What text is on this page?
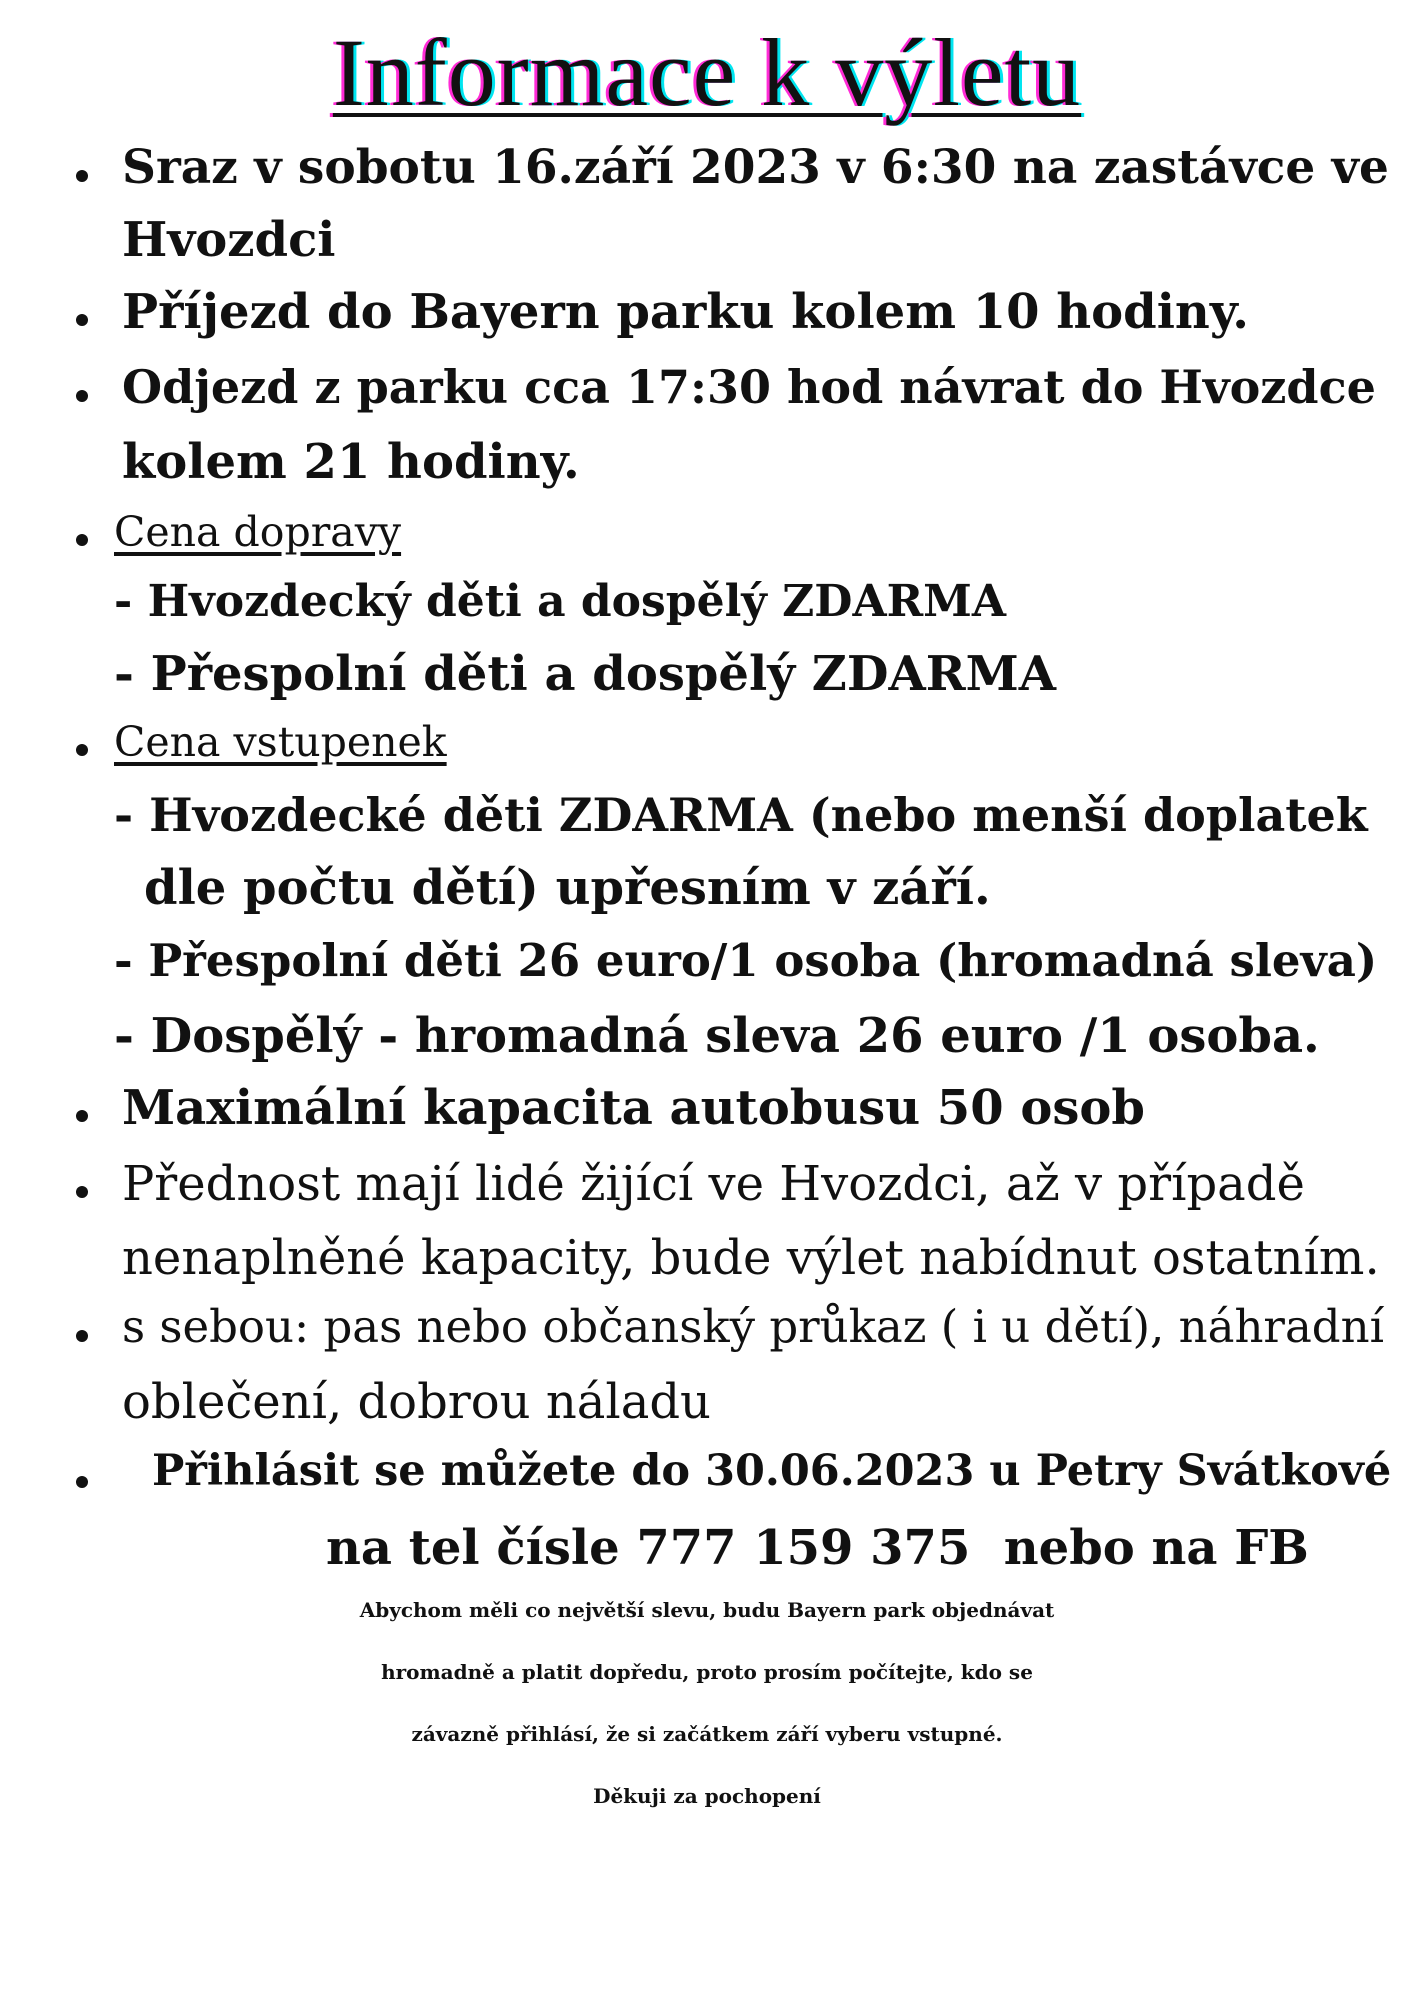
Informace k výletu
Sraz v sobotu 16.září 2023 v 6:30 na zastávce ve
Hvozdci
Příjezd do Bayern parku kolem 10 hodiny.
Odjezd z parku cca 17:30 hod návrat do Hvozdce
kolem 21 hodiny.
Cena dopravy
- Hvozdecký děti a dospělý ZDARMA
- Přespolní děti a dospělý ZDARMA
Cena vstupenek
- Hvozdecké děti ZDARMA (nebo menší doplatek
dle počtu dětí) upřesním v září.
- Přespolní děti 26 euro/1 osoba (hromadná sleva)
- Dospělý - hromadná sleva 26 euro /1 osoba.
Maximální kapacita autobusu 50 osob
Přednost mají lidé žijící ve Hvozdci, až v případě
nenaplněné kapacity, bude výlet nabídnut ostatním.
s sebou: pas nebo občanský průkaz ( i u dětí), náhradní
oblečení, dobrou náladu
Přihlásit se můžete do 30.06.2023 u Petry Svátkové
na tel čísle 777 159 375  nebo na FB
Abychom měli co největší slevu, budu Bayern park objednávat
hromadně a platit dopředu, proto prosím počítejte, kdo se
závazně přihlásí, že si začátkem září vyberu vstupné.
Děkuji za pochopení
